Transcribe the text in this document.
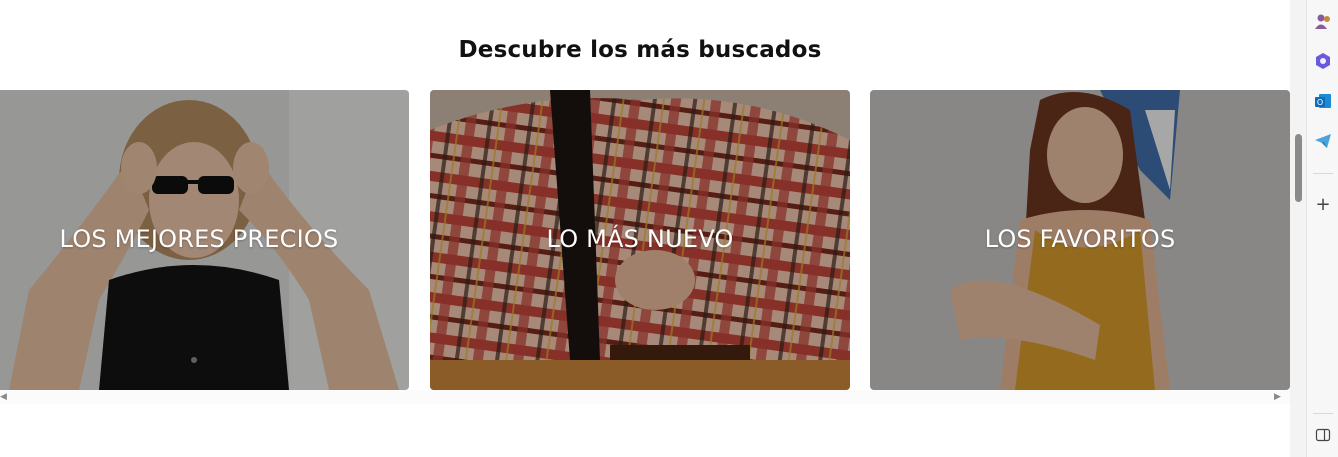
Descubre los más buscados
LOS MEJORES PRECIOS	LO MÁS NUEVO	LOS FAVORITOS
◀	▶
O
+
